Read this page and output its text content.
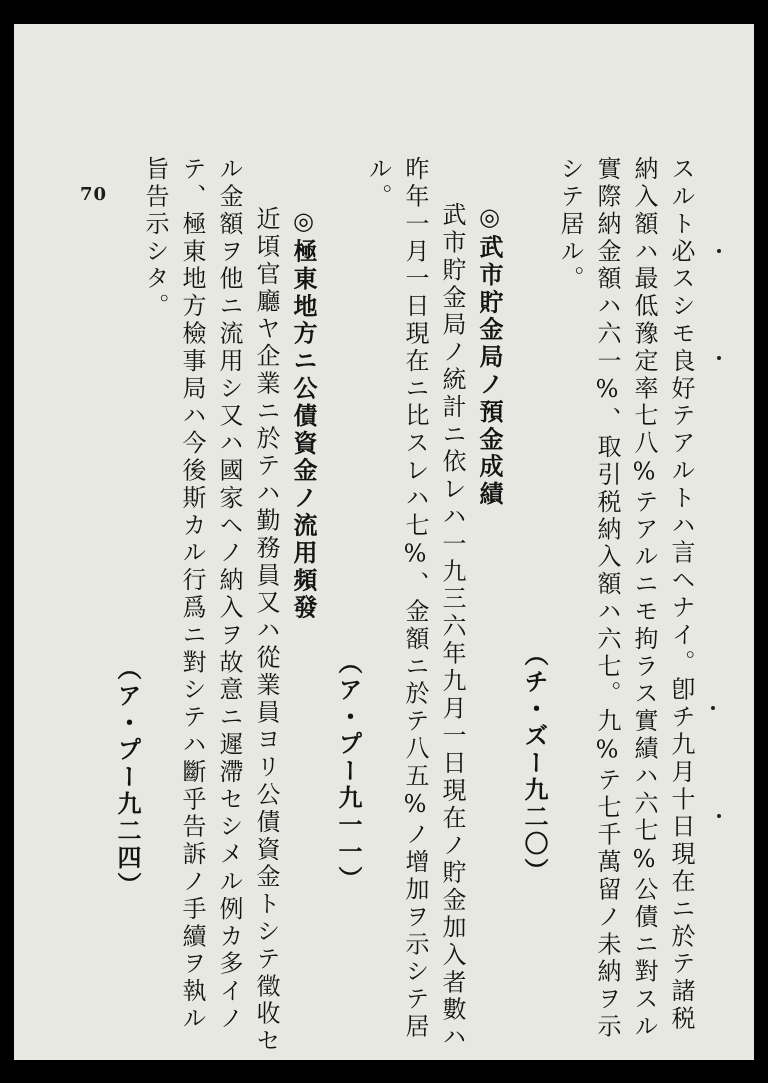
70	スルト必スシモ良好テアルトハ言ヘナイ。卽チ九月十日現在ニ於テ諸税
納入額ハ最低豫定率七八%テアルニモ拘ラス實績ハ六七%公債ニ對スル
實際納金額ハ六一%、取引税納入額ハ六七。九%テ七千萬留ノ未納ヲ示
シテ居ル。
（チ・ズー九二〇）
◎武市貯金局ノ預金成績
武市貯金局ノ統計ニ依レハ一九三六年九月一日現在ノ貯金加入者數ハ
昨年一月一日現在ニ比スレハ七%、金額ニ於テ八五%ノ增加ヲ示シテ居
ル。
（ア・プー九一一）
◎極東地方ニ公債資金ノ流用頻發
近頃官廳ヤ企業ニ於テハ勤務員又ハ從業員ヨリ公債資金トシテ徵收セ
ル金額ヲ他ニ流用シ又ハ國家ヘノ納入ヲ故意ニ遲滯セシメル例カ多イノ
テ、極東地方檢事局ハ今後斯カル行爲ニ對シテハ斷乎告訴ノ手續ヲ執ル
旨告示シタ。
（ア・プー九二四）
